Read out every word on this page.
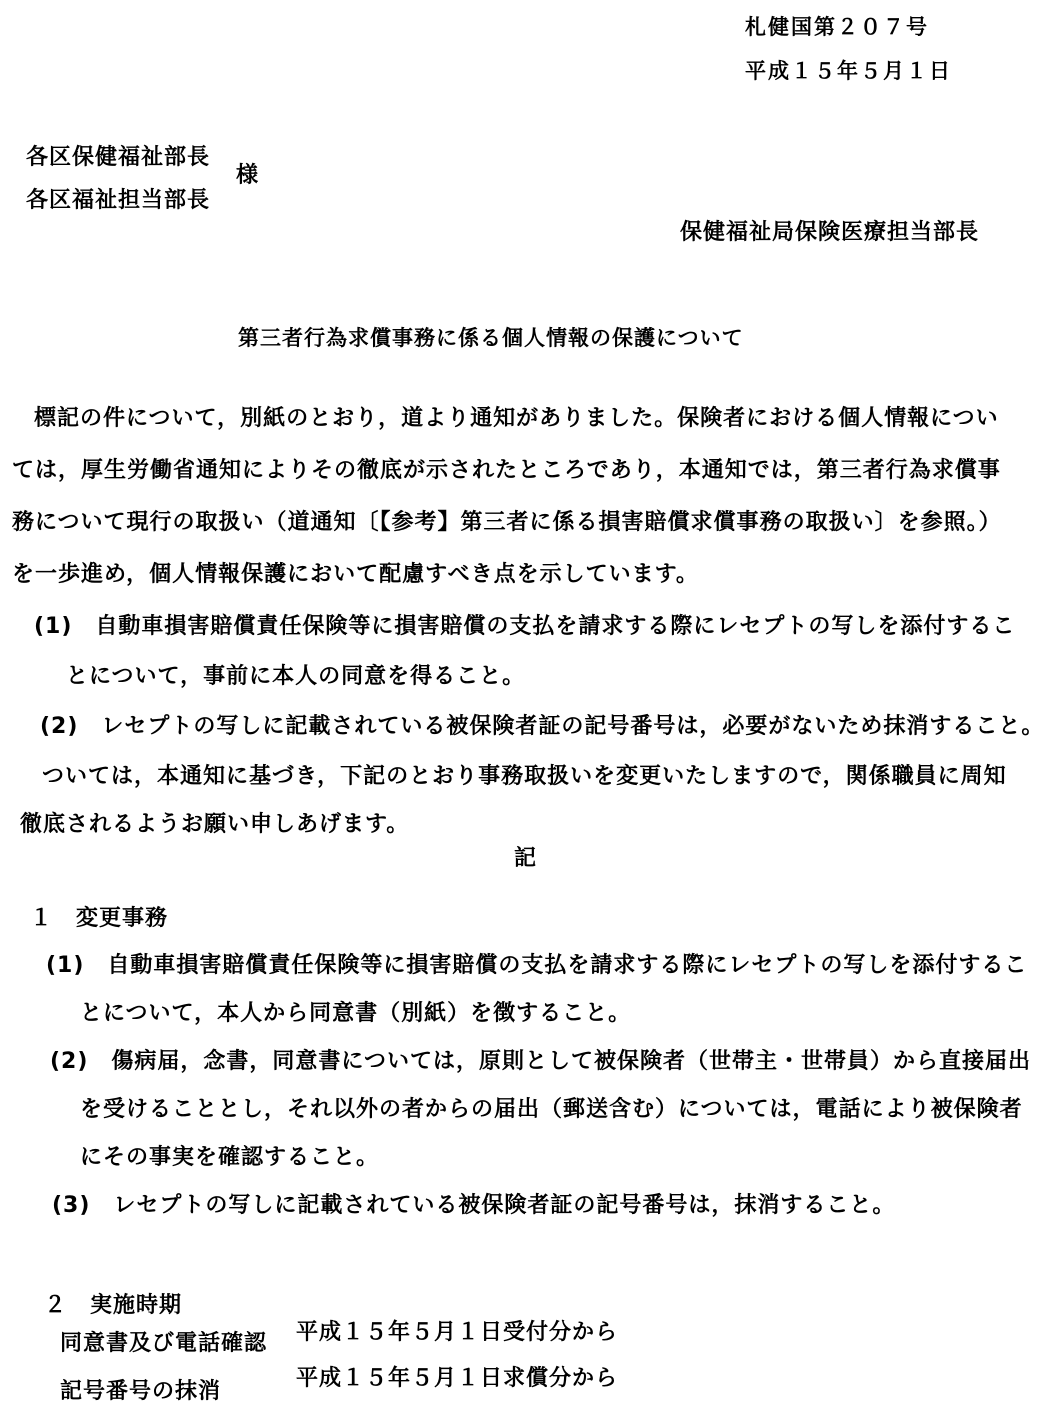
札健国第２０７号
平成１５年５月１日
各区保健福祉部長
各区福祉担当部長
様
保健福祉局保険医療担当部長
第三者行為求償事務に係る個人情報の保護について
標記の件について，別紙のとおり，道より通知がありました。保険者における個人情報につい
ては，厚生労働省通知によりその徹底が示されたところであり，本通知では，第三者行為求償事
務について現行の取扱い（道通知〔【参考】第三者に係る損害賠償求償事務の取扱い〕を参照。）
を一歩進め，個人情報保護において配慮すべき点を示しています。
(1)　自動車損害賠償責任保険等に損害賠償の支払を請求する際にレセプトの写しを添付するこ
とについて，事前に本人の同意を得ること。
(2)　レセプトの写しに記載されている被保険者証の記号番号は，必要がないため抹消すること。
ついては，本通知に基づき，下記のとおり事務取扱いを変更いたしますので，関係職員に周知
徹底されるようお願い申しあげます。
記
１　変更事務
(1)　自動車損害賠償責任保険等に損害賠償の支払を請求する際にレセプトの写しを添付するこ
とについて，本人から同意書（別紙）を徴すること。
(2)　傷病届，念書，同意書については，原則として被保険者（世帯主・世帯員）から直接届出
を受けることとし，それ以外の者からの届出（郵送含む）については，電話により被保険者
にその事実を確認すること。
(3)　レセプトの写しに記載されている被保険者証の記号番号は，抹消すること。
２　実施時期
同意書及び電話確認 平成１５年５月１日受付分から
記号番号の抹消
平成１５年５月１日求償分から
